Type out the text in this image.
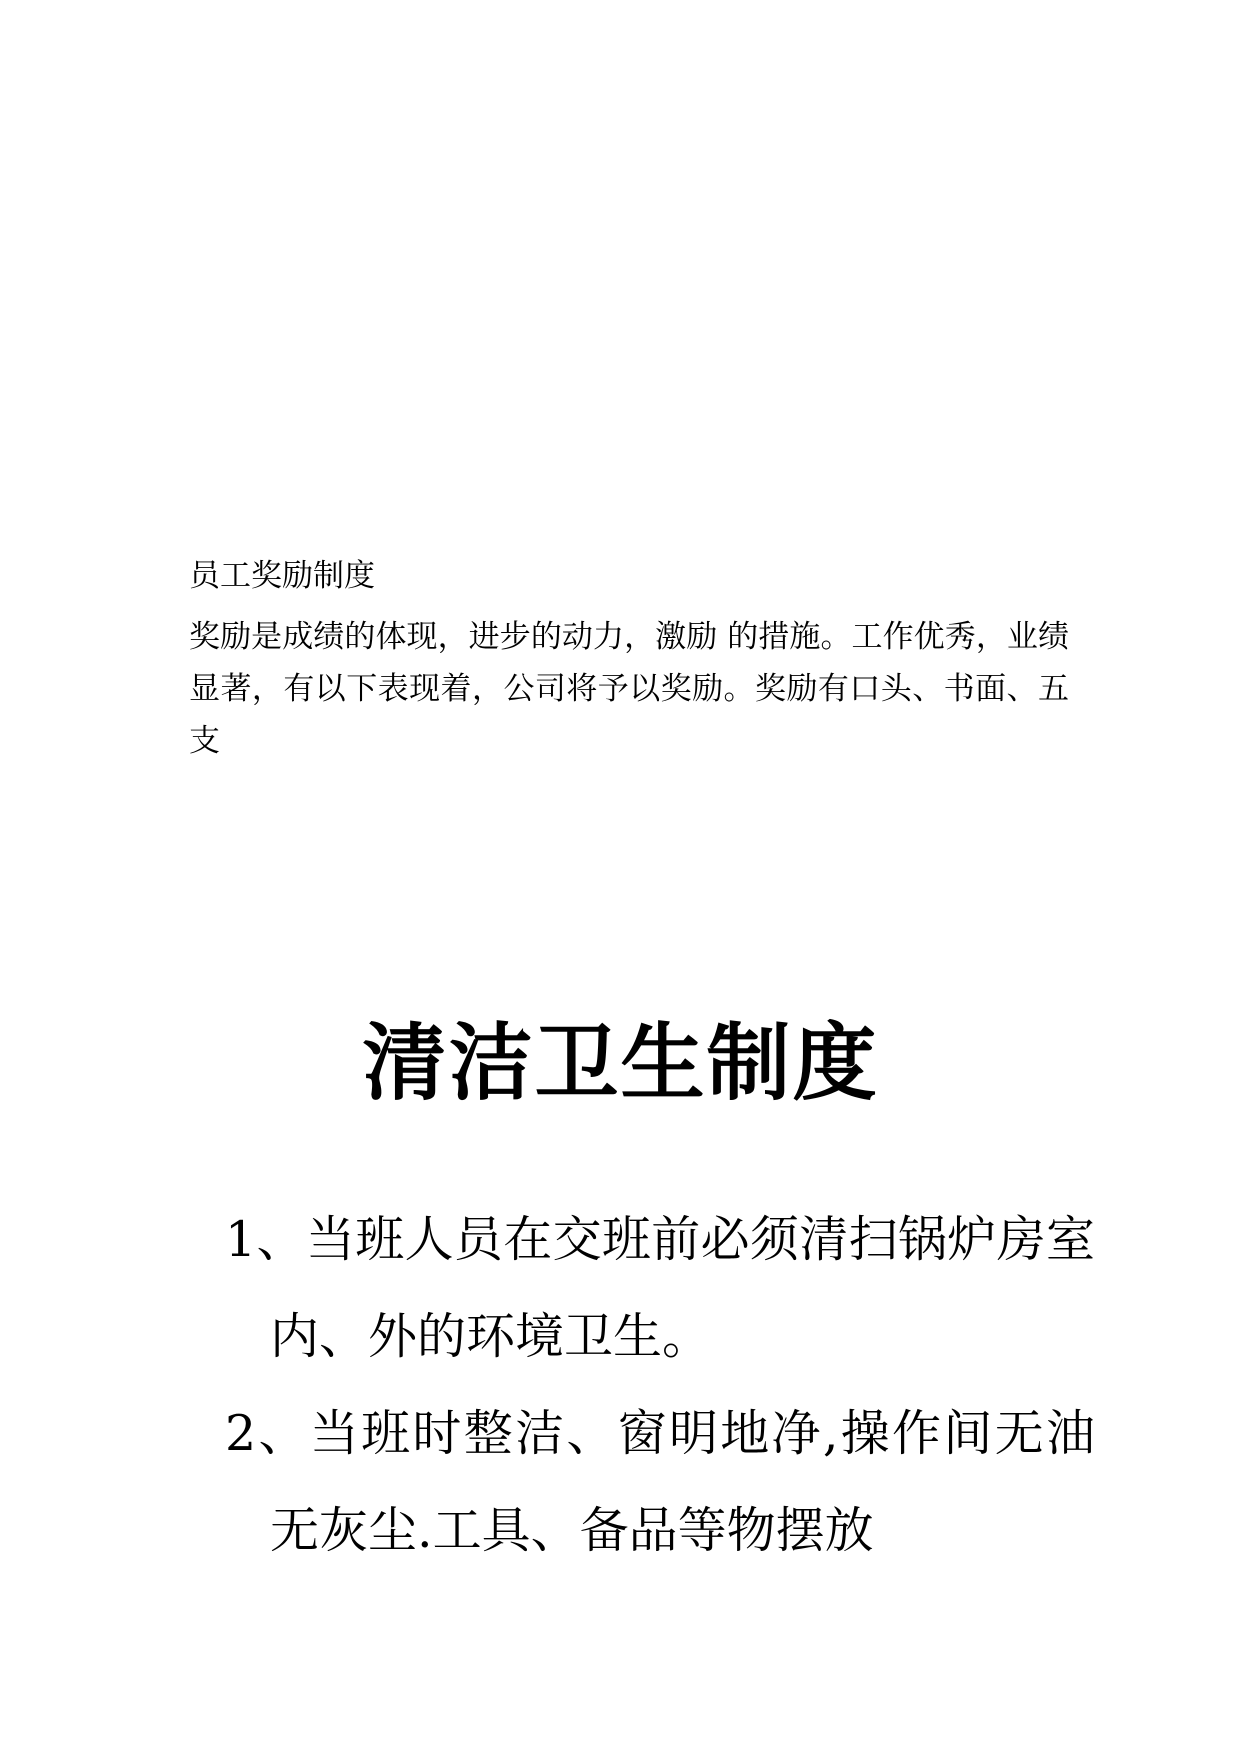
员工奖励制度

奖励是成绩的体现，进步的动力，激励 的措施。工作优秀，业绩显著，有以下表现着，公司将予以奖励。奖励有口头、书面、五支

清洁卫生制度
1、当班人员在交班前必须清扫锅炉房室内、外的环境卫生。
2、当班时整洁、窗明地净,操作间无油无灰尘.工具、备品等物摆放
